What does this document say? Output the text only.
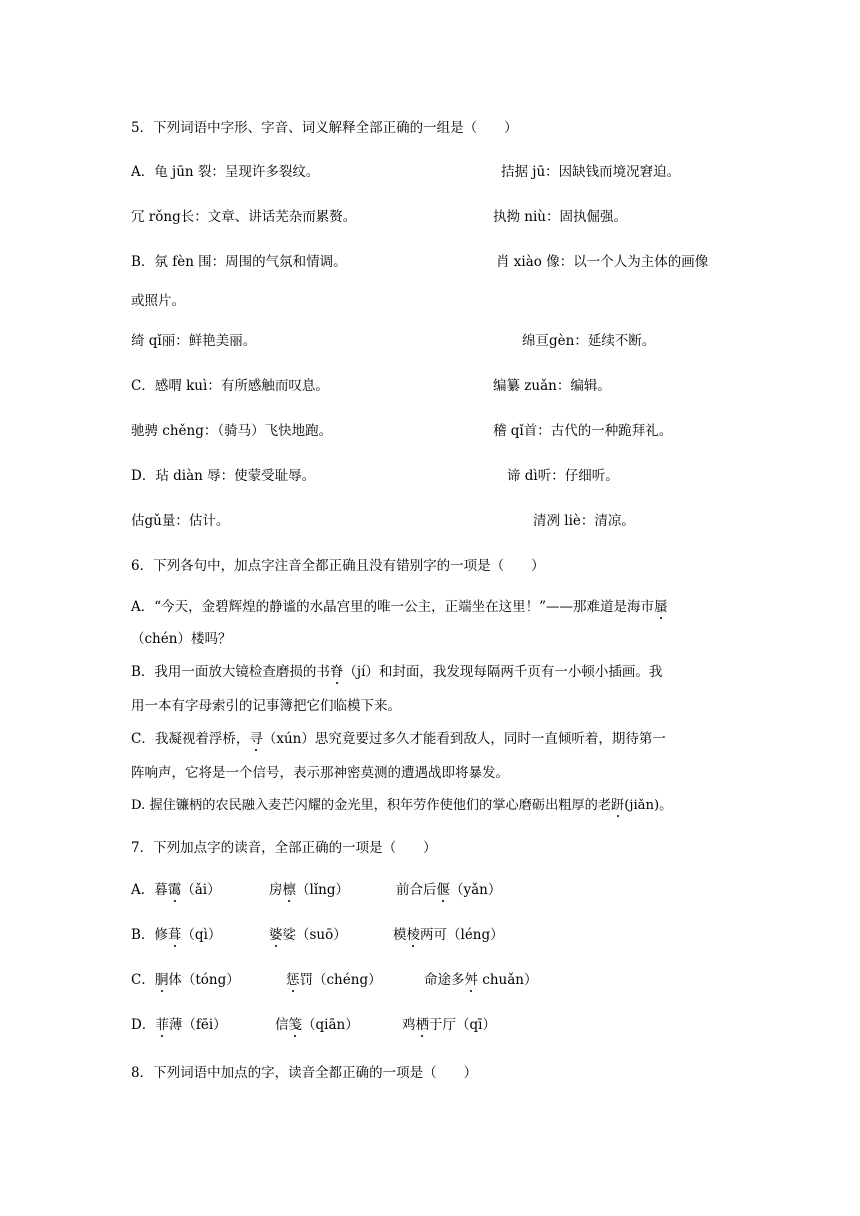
5．下列词语中字形、字音、词义解释全部正确的一组是（　　）
A．龟 jūn 裂：呈现许多裂纹。	拮据 jū：因缺钱而境况窘迫。
冗 rǒng长：文章、讲话芜杂而累赘。	执拗 niù：固执倔强。
B．氛 fèn 围：周围的气氛和情调。	肖 xiào 像：以一个人为主体的画像
或照片。
绮 qǐ丽：鲜艳美丽。	绵亘gèn：延续不断。
C．感喟 kuì：有所感触而叹息。	编纂 zuǎn：编辑。
驰骋 chěng：（骑马）飞快地跑。	稽 qǐ首：古代的一种跪拜礼。
D．玷 diàn 辱：使蒙受耻辱。	谛 dì听：仔细听。
估gǔ量：估计。	清冽 liè：清凉。
6．下列各句中，加点字注音全都正确且没有错别字的一项是（　　）
A．“今天，金碧辉煌的静谧的水晶宫里的唯一公主，正端坐在这里！”——那难道是海市蜃
（chén）楼吗？
B．我用一面放大镜检查磨损的书脊（jí）和封面，我发现每隔两千页有一小顿小插画。我
用一本有字母索引的记事簿把它们临模下来。
C．我凝视着浮桥，寻（xún）思究竟要过多久才能看到敌人，同时一直倾听着，期待第一
阵响声，它将是一个信号，表示那神密莫测的遭遇战即将暴发。
D. 握住镰柄的农民融入麦芒闪耀的金光里，积年劳作使他们的掌心磨砺出粗厚的老趼(jiǎn)。
7．下列加点字的读音，全部正确的一项是（　　）
A．暮霭（ǎi）	房檩（lǐng）	前合后偃（yǎn）
B．修葺（qì）	婆娑（suō）	模棱两可（léng）
C．胴体（tóng）	惩罚（chéng）	命途多舛 chuǎn）
D．菲薄（fēi）	信笺（qiān）	鸡栖于厅（qī）
8．下列词语中加点的字，读音全都正确的一项是（　　）
